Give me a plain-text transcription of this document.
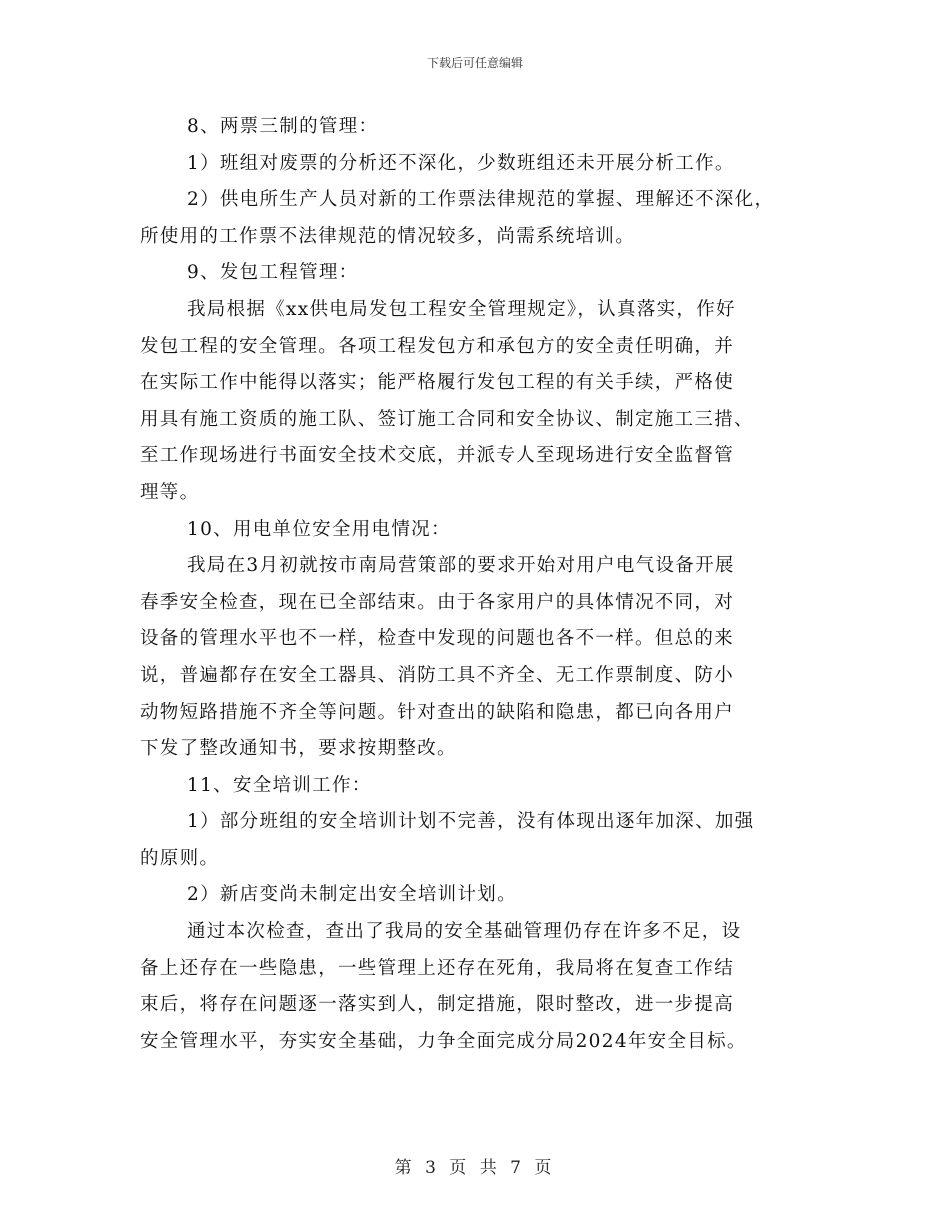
下载后可任意编辑
8、两票三制的管理：
1）班组对废票的分析还不深化，少数班组还未开展分析工作。
2）供电所生产人员对新的工作票法律规范的掌握、理解还不深化，
所使用的工作票不法律规范的情况较多，尚需系统培训。
9、发包工程管理：
我局根据《xx供电局发包工程安全管理规定》，认真落实，作好
发包工程的安全管理。各项工程发包方和承包方的安全责任明确，并
在实际工作中能得以落实；能严格履行发包工程的有关手续，严格使
用具有施工资质的施工队、签订施工合同和安全协议、制定施工三措、
至工作现场进行书面安全技术交底，并派专人至现场进行安全监督管
理等。
10、用电单位安全用电情况：
我局在3月初就按市南局营策部的要求开始对用户电气设备开展
春季安全检查，现在已全部结束。由于各家用户的具体情况不同，对
设备的管理水平也不一样，检查中发现的问题也各不一样。但总的来
说，普遍都存在安全工器具、消防工具不齐全、无工作票制度、防小
动物短路措施不齐全等问题。针对查出的缺陷和隐患，都已向各用户
下发了整改通知书，要求按期整改。
11、安全培训工作：
1）部分班组的安全培训计划不完善，没有体现出逐年加深、加强
的原则。
2）新店变尚未制定出安全培训计划。
通过本次检查，查出了我局的安全基础管理仍存在许多不足，设
备上还存在一些隐患，一些管理上还存在死角，我局将在复查工作结
束后，将存在问题逐一落实到人，制定措施，限时整改，进一步提高
安全管理水平，夯实安全基础，力争全面完成分局2024年安全目标。
第 3 页 共 7 页
